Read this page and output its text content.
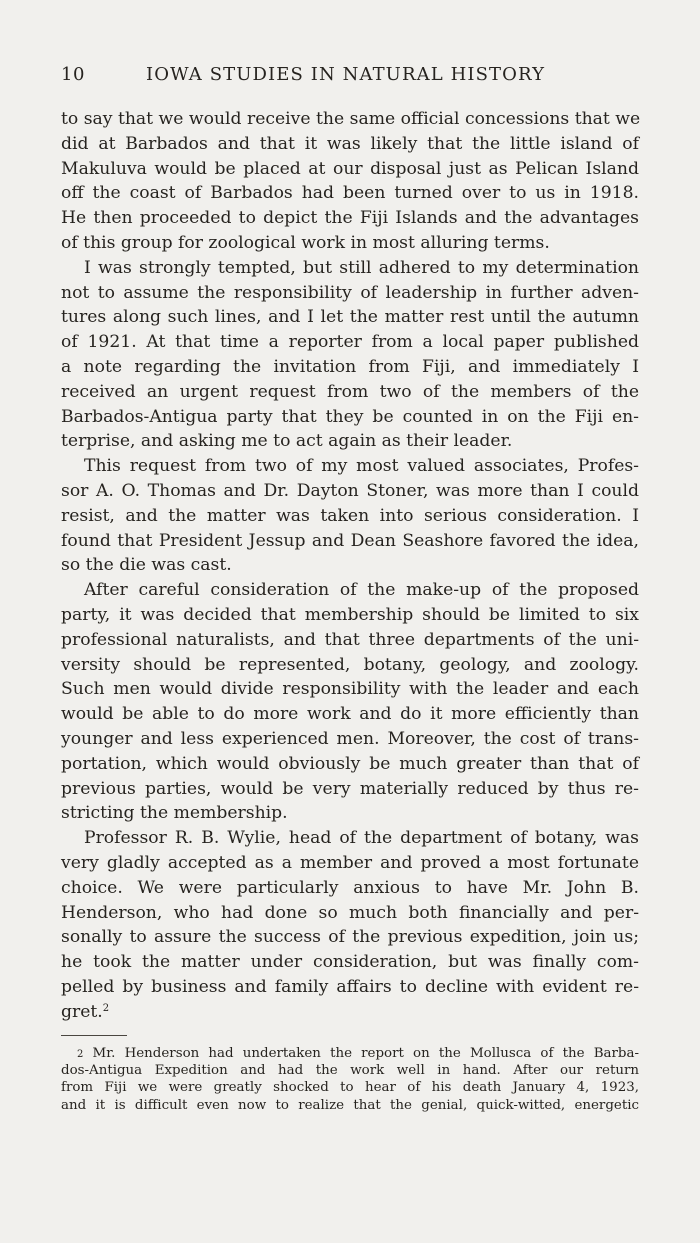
10	IOWA STUDIES IN NATURAL HISTORY
to say that we would receive the same official concessions that we
did at Barbados and that it was likely that the little island of
Makuluva would be placed at our disposal just as Pelican Island
off the coast of Barbados had been turned over to us in 1918.
He then proceeded to depict the Fiji Islands and the advantages
of this group for zoological work in most alluring terms.
I was strongly tempted, but still adhered to my determination
not to assume the responsibility of leadership in further adven-
tures along such lines, and I let the matter rest until the autumn
of 1921. At that time a reporter from a local paper published
a note regarding the invitation from Fiji, and immediately I
received an urgent request from two of the members of the
Barbados-Antigua party that they be counted in on the Fiji en-
terprise, and asking me to act again as their leader.
This request from two of my most valued associates, Profes-
sor A. O. Thomas and Dr. Dayton Stoner, was more than I could
resist, and the matter was taken into serious consideration. I
found that President Jessup and Dean Seashore favored the idea,
so the die was cast.
After careful consideration of the make-up of the proposed
party, it was decided that membership should be limited to six
professional naturalists, and that three departments of the uni-
versity should be represented, botany, geology, and zoology.
Such men would divide responsibility with the leader and each
would be able to do more work and do it more efficiently than
younger and less experienced men. Moreover, the cost of trans-
portation, which would obviously be much greater than that of
previous parties, would be very materially reduced by thus re-
stricting the membership.
Professor R. B. Wylie, head of the department of botany, was
very gladly accepted as a member and proved a most fortunate
choice. We were particularly anxious to have Mr. John B.
Henderson, who had done so much both financially and per-
sonally to assure the success of the previous expedition, join us;
he took the matter under consideration, but was finally com-
pelled by business and family affairs to decline with evident re-
gret.$^2$
2 Mr. Henderson had undertaken the report on the Mollusca of the Barba-
dos-Antigua Expedition and had the work well in hand. After our return
from Fiji we were greatly shocked to hear of his death January 4, 1923,
and it is difficult even now to realize that the genial, quick-witted, energetic
